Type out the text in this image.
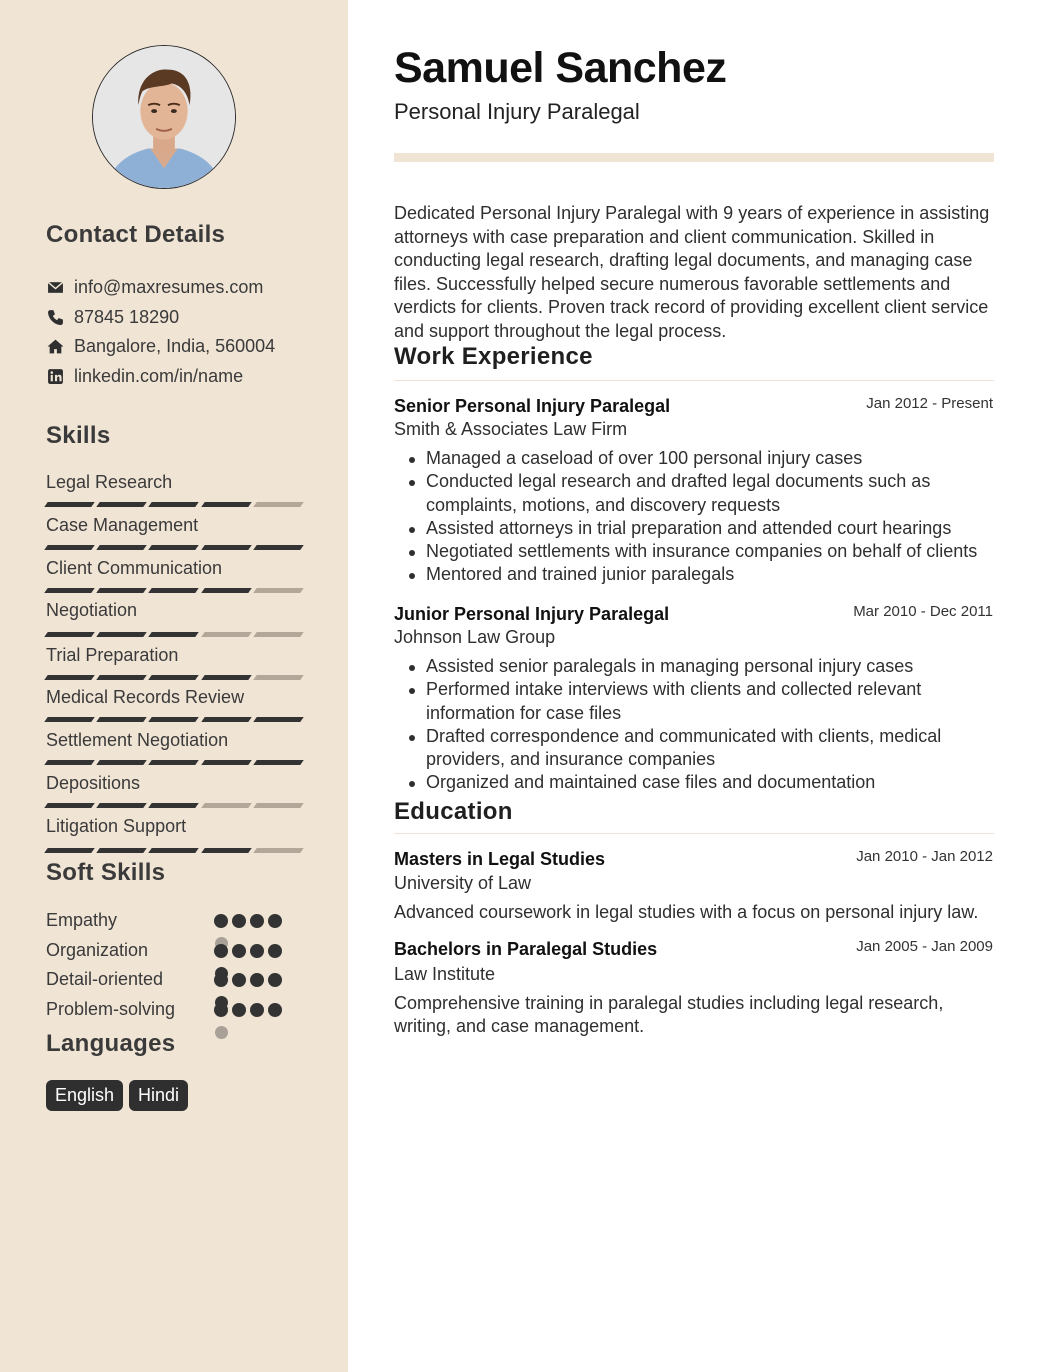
Contact Details
info@maxresumes.com
87845 18290
Bangalore, India, 560004
linkedin.com/in/name
Skills
Legal Research
Case Management
Client Communication
Negotiation
Trial Preparation
Medical Records Review
Settlement Negotiation
Depositions
Litigation Support
Soft Skills
Empathy
Organization
Detail-oriented
Problem-solving
Languages
English	Hindi
Samuel Sanchez
Personal Injury Paralegal
Dedicated Personal Injury Paralegal with 9 years of experience in assisting attorneys with case preparation and client communication. Skilled in conducting legal research, drafting legal documents, and managing case files. Successfully helped secure numerous favorable settlements and verdicts for clients. Proven track record of providing excellent client service and support throughout the legal process.
Work Experience
Senior Personal Injury Paralegal	Jan 2012 - Present
Smith & Associates Law Firm
Managed a caseload of over 100 personal injury cases
Conducted legal research and drafted legal documents such as complaints, motions, and discovery requests
Assisted attorneys in trial preparation and attended court hearings
Negotiated settlements with insurance companies on behalf of clients
Mentored and trained junior paralegals
Junior Personal Injury Paralegal	Mar 2010 - Dec 2011
Johnson Law Group
Assisted senior paralegals in managing personal injury cases
Performed intake interviews with clients and collected relevant information for case files
Drafted correspondence and communicated with clients, medical providers, and insurance companies
Organized and maintained case files and documentation
Education
Masters in Legal Studies	Jan 2010 - Jan 2012
University of Law
Advanced coursework in legal studies with a focus on personal injury law.
Bachelors in Paralegal Studies	Jan 2005 - Jan 2009
Law Institute
Comprehensive training in paralegal studies including legal research, writing, and case management.
